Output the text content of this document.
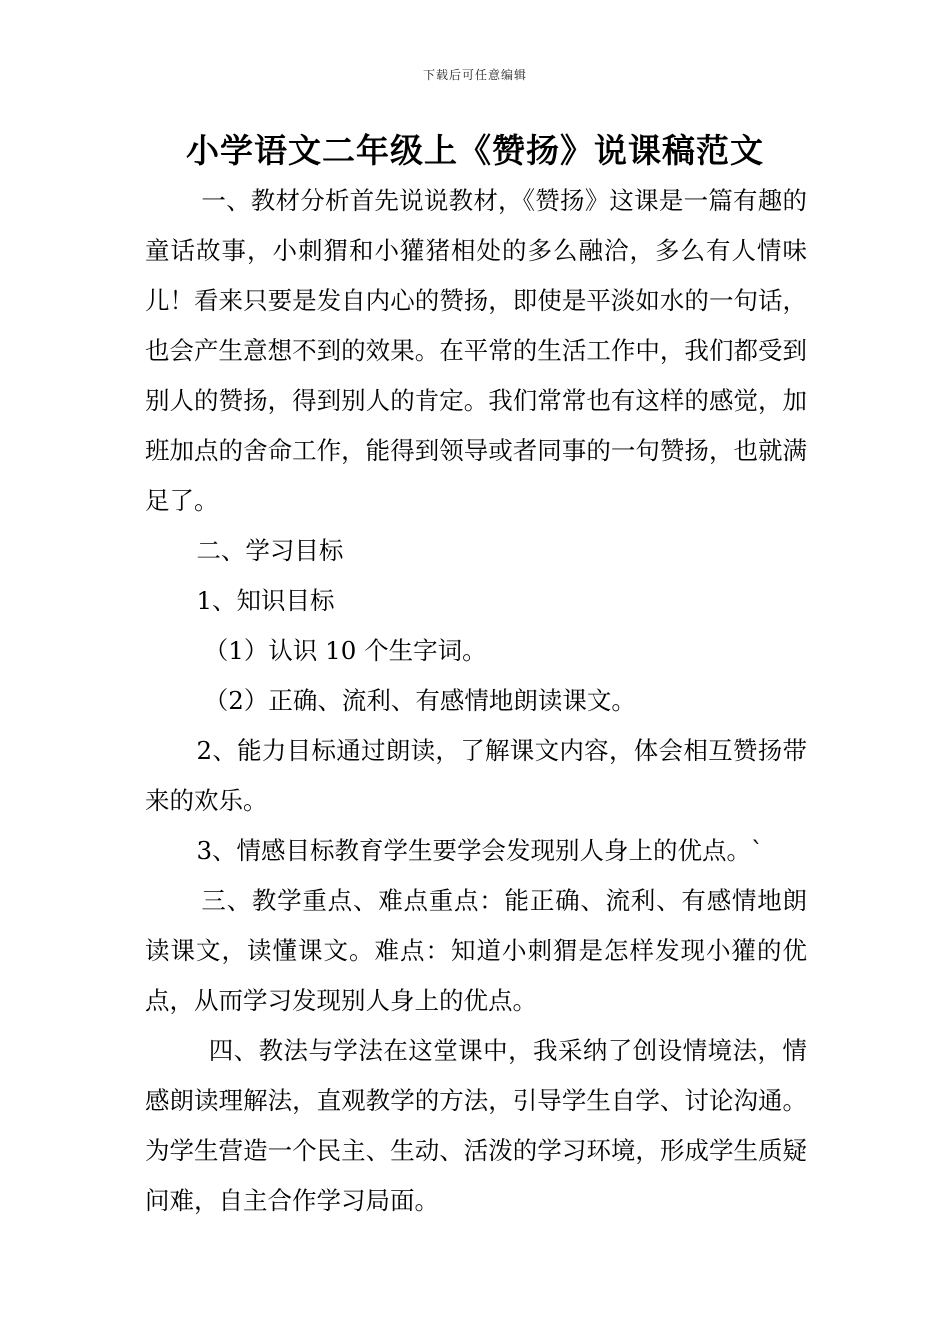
下载后可任意编辑
小学语文二年级上《赞扬》说课稿范文

一、教材分析首先说说教材，《赞扬》这课是一篇有趣的童话故事，小刺猬和小獾猪相处的多么融洽，多么有人情味儿！看来只要是发自内心的赞扬，即使是平淡如水的一句话，也会产生意想不到的效果。在平常的生活工作中，我们都受到别人的赞扬，得到别人的肯定。我们常常也有这样的感觉，加班加点的舍命工作，能得到领导或者同事的一句赞扬，也就满足了。

二、学习目标

1、知识目标

（1）认识 10 个生字词。

（2）正确、流利、有感情地朗读课文。

2、能力目标通过朗读，了解课文内容，体会相互赞扬带来的欢乐。

3、情感目标教育学生要学会发现别人身上的优点。`

三、教学重点、难点重点：能正确、流利、有感情地朗读课文，读懂课文。难点：知道小刺猬是怎样发现小獾的优点，从而学习发现别人身上的优点。

四、教法与学法在这堂课中，我采纳了创设情境法，情感朗读理解法，直观教学的方法，引导学生自学、讨论沟通。为学生营造一个民主、生动、活泼的学习环境，形成学生质疑问难，自主合作学习局面。
